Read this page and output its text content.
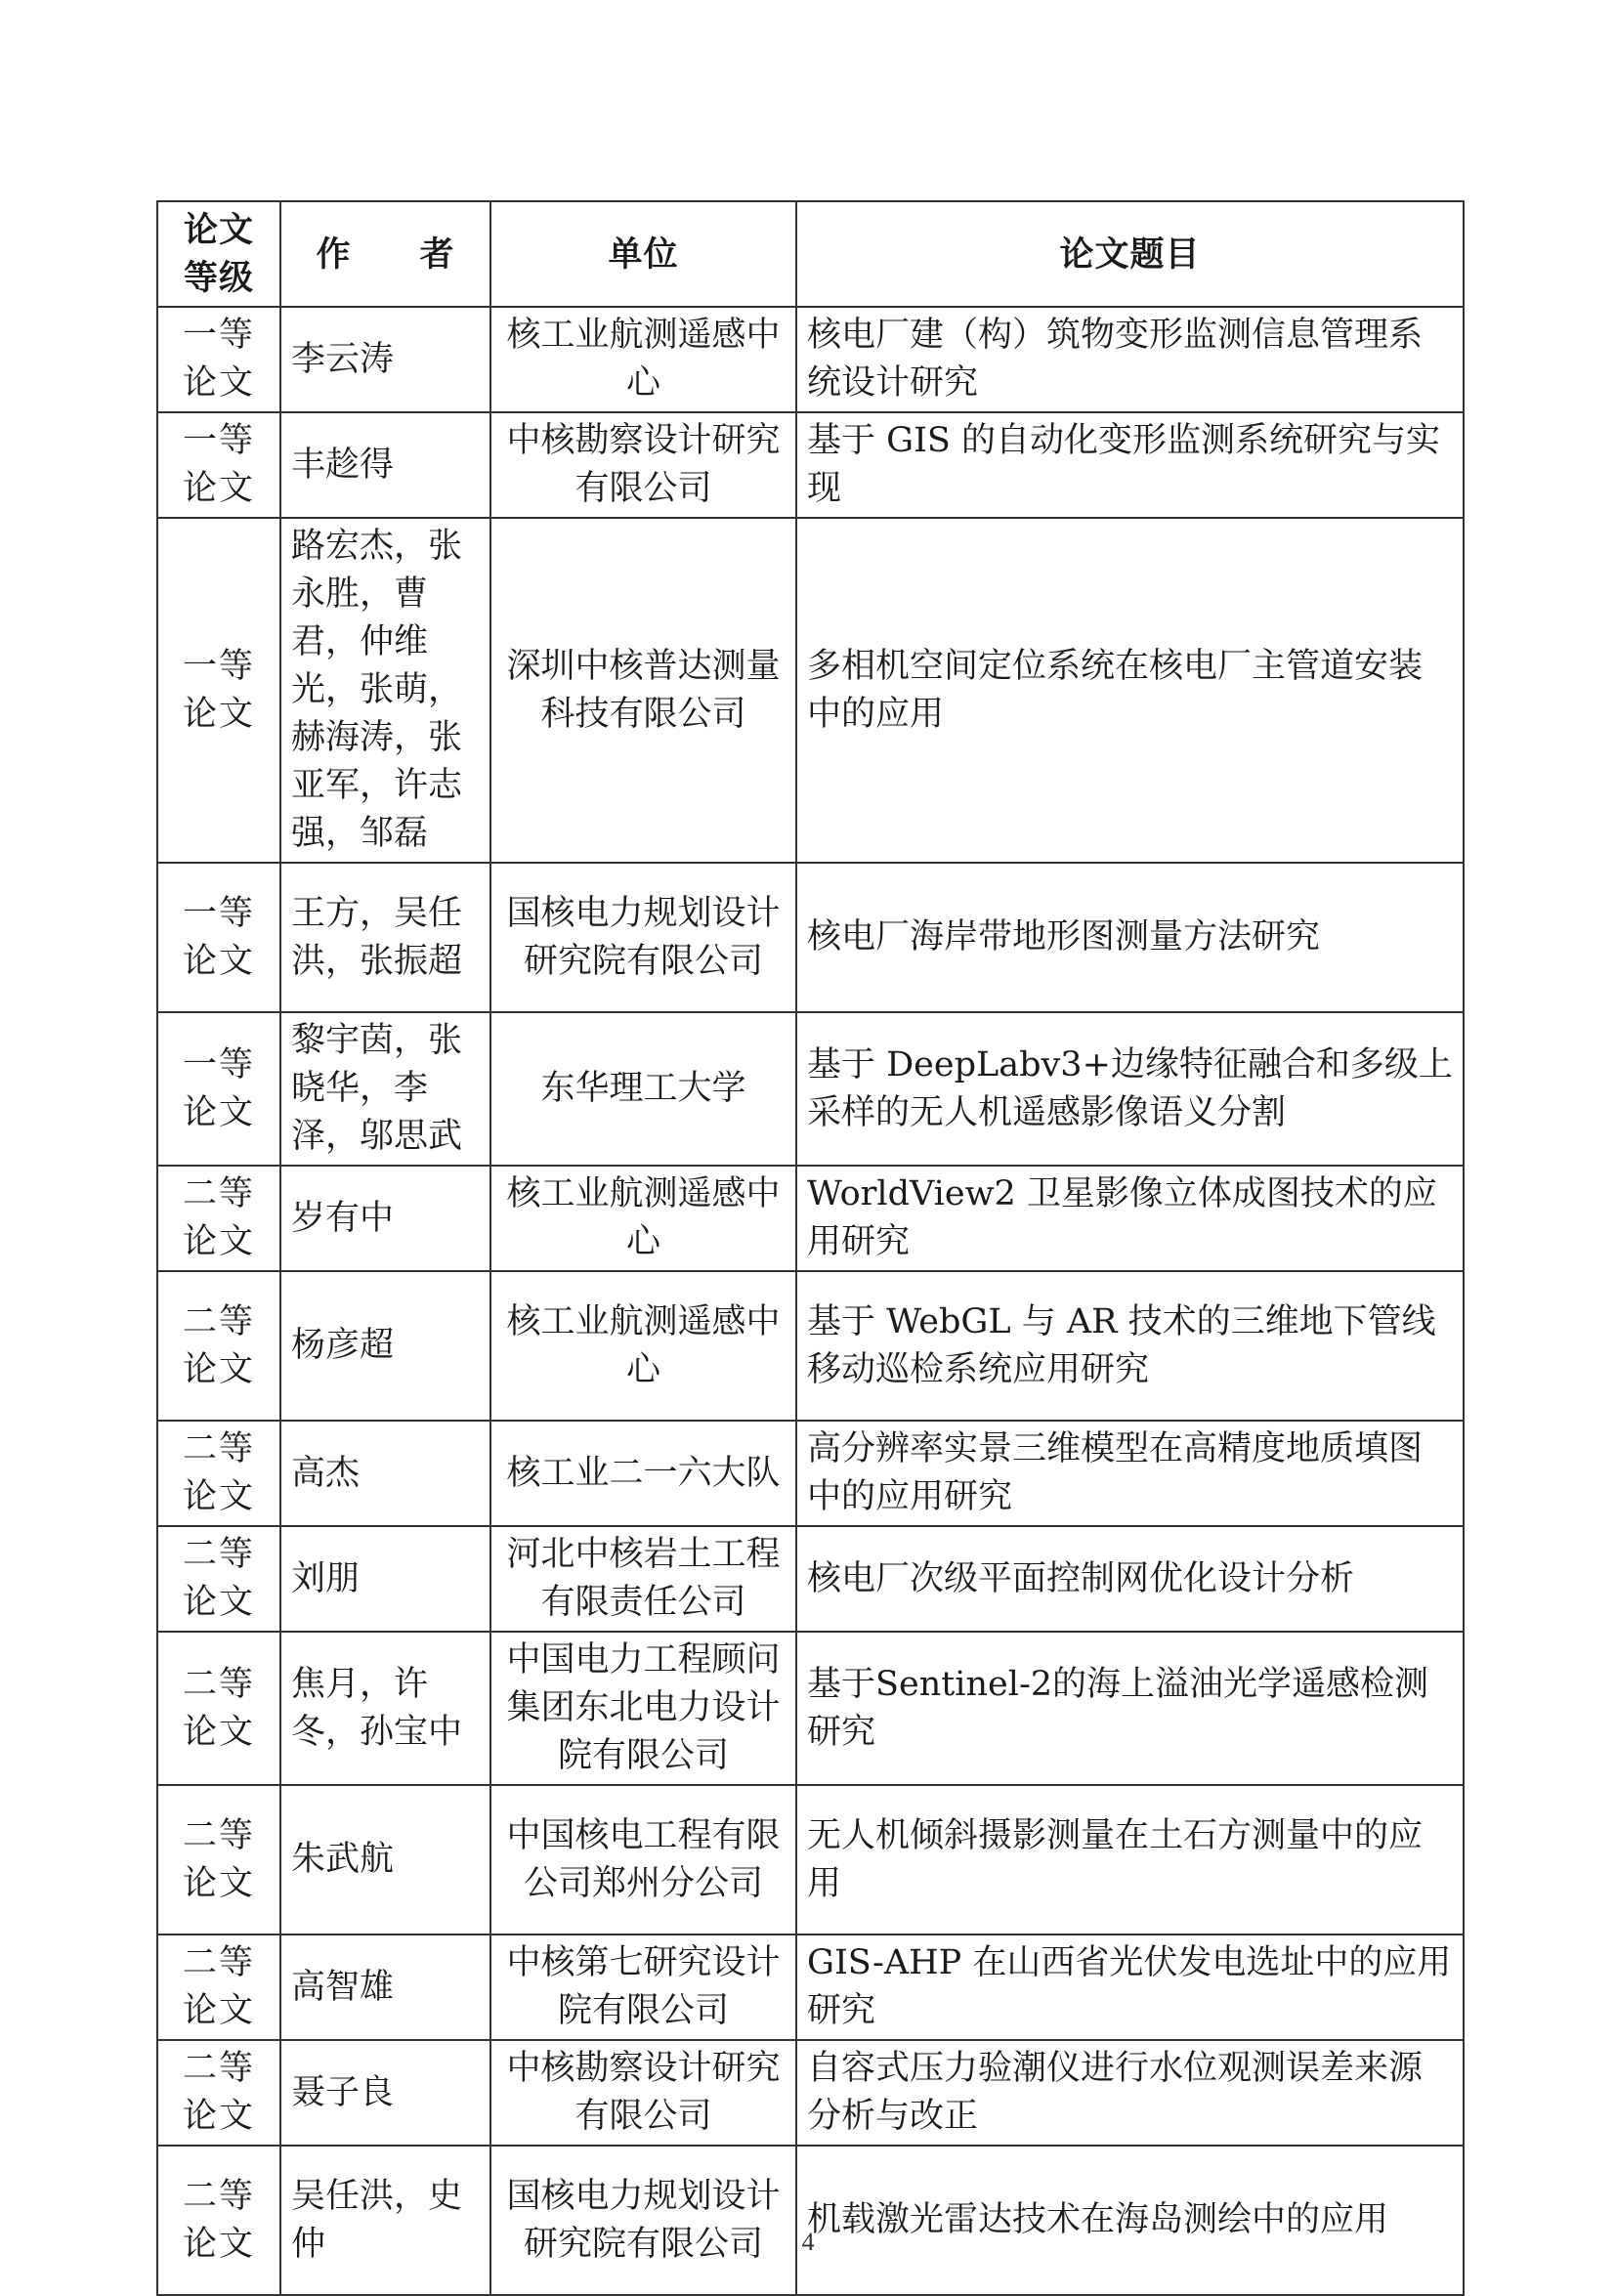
论文等级	作 者	单位	论文题目
一等论文	李云涛	核工业航测遥感中心	核电厂建（构）筑物变形监测信息管理系统设计研究
一等论文	丰趁得	中核勘察设计研究有限公司	基于 GIS 的自动化变形监测系统研究与实现
一等论文	路宏杰，张永胜，曹君，仲维光，张萌，赫海涛，张亚军，许志强，邹磊	深圳中核普达测量科技有限公司	多相机空间定位系统在核电厂主管道安装中的应用
一等论文	王方，吴任洪，张振超	国核电力规划设计研究院有限公司	核电厂海岸带地形图测量方法研究
一等论文	黎宇茵，张晓华，李泽，邬思武	东华理工大学	基于 DeepLabv3+边缘特征融合和多级上采样的无人机遥感影像语义分割
二等论文	岁有中	核工业航测遥感中心	WorldView2 卫星影像立体成图技术的应用研究
二等论文	杨彦超	核工业航测遥感中心	基于 WebGL 与 AR 技术的三维地下管线移动巡检系统应用研究
二等论文	高杰	核工业二一六大队	高分辨率实景三维模型在高精度地质填图中的应用研究
二等论文	刘朋	河北中核岩土工程有限责任公司	核电厂次级平面控制网优化设计分析
二等论文	焦月，许冬，孙宝中	中国电力工程顾问集团东北电力设计院有限公司	基于Sentinel-2的海上溢油光学遥感检测研究
二等论文	朱武航	中国核电工程有限公司郑州分公司	无人机倾斜摄影测量在土石方测量中的应用
二等论文	高智雄	中核第七研究设计院有限公司	GIS-AHP 在山西省光伏发电选址中的应用研究
二等论文	聂子良	中核勘察设计研究有限公司	自容式压力验潮仪进行水位观测误差来源分析与改正
二等论文	吴任洪，史仲	国核电力规划设计研究院有限公司	机载激光雷达技术在海岛测绘中的应用
4
